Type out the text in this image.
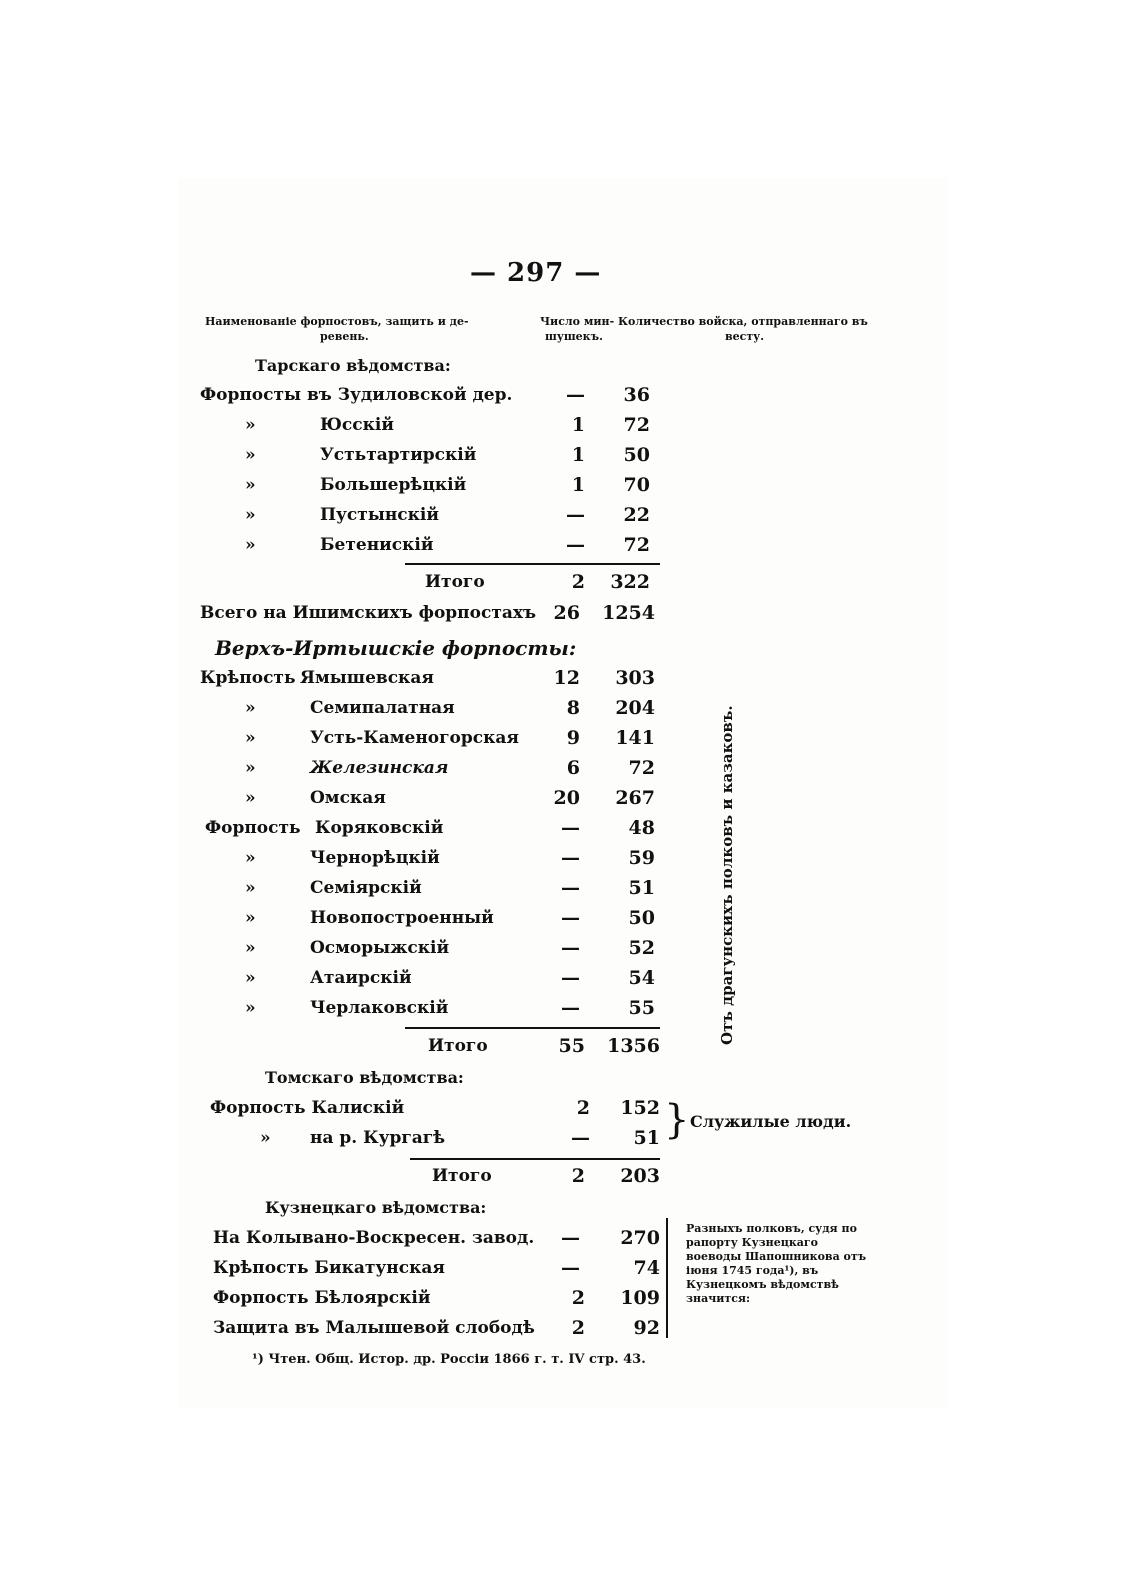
— 297 —
Наименованіе форпостовъ, защить и де-
ревень.
Число мин-
шушекъ.
Количество войска, отправленнаго въ
весту.
Тарскаго вѣдомства:
Форпосты въ Зудиловской дер.	—	36
»	Юсскій	1	72
»	Устьтартирскій	1	50
»	Большерѣцкій	1	70
»	Пустынскій	—	22
»	Бетенискій	—	72
Итого	2 322
Всего на Ишимскихъ форпостахъ 26	1254
Верхъ-Иртышскіе форпосты:
Крѣпость Ямышевская	12 303
»	Семипалатная	8 204
»	Усть-Каменогорская	9 141
»	Железинская	6	72
»	Омская	20 267
Форпость Коряковскій	—	48
»	Чернорѣцкій	—	59
»	Семіярскій	—	51
»	Новопостроенный	—	50
»	Осморыжскій	—	52
»	Атаирскій	—	54
»	Черлаковскій	—	55	Отъ драгунскихъ полковъ и казаковъ.
Итого	55	1356
Томскаго вѣдомства:
Форпость Калискій	2 152
» на р. Кургагѣ	—	51 } Служилые люди.
Итого	2 203
Кузнецкаго вѣдомства:
На Колывано-Воскресен. завод.	— 270
Крѣпость Бикатунская	—	74
Форпость Бѣлоярскій	2 109
Защита въ Малышевой слободѣ	2	92
Разныхъ полковъ, судя по рапорту Кузнецкаго воеводы Шапошникова отъ іюня 1745 года¹), въ Кузнецкомъ вѣдомствѣ значится:
¹) Чтен. Общ. Истор. др. Россіи 1866 г. т. IV стр. 43.
